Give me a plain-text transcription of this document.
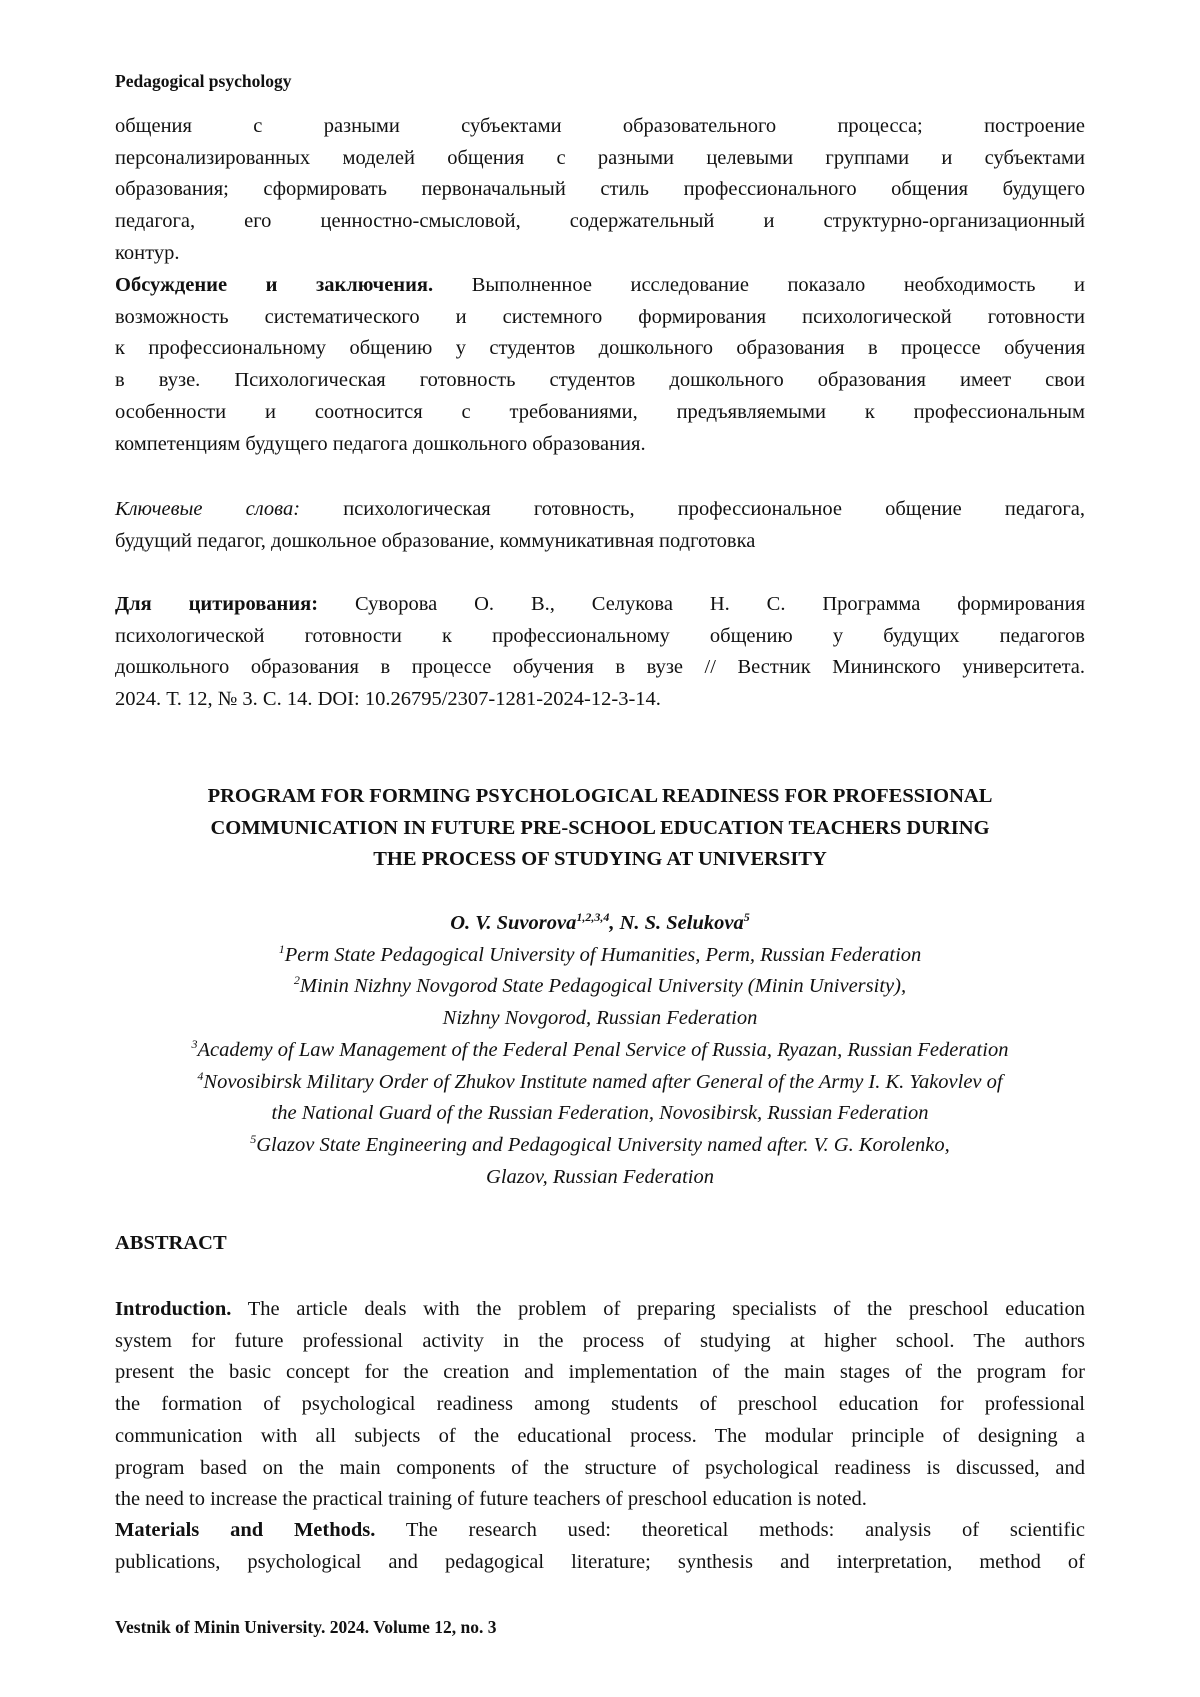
Pedagogical psychology
общения с разными субъектами образовательного процесса; построение
персонализированных моделей общения с разными целевыми группами и субъектами
образования; сформировать первоначальный стиль профессионального общения будущего
педагога, его ценностно-смысловой, содержательный и структурно-организационный
контур.
Обсуждение и заключения. Выполненное исследование показало необходимость и
возможность систематического и системного формирования психологической готовности
к профессиональному общению у студентов дошкольного образования в процессе обучения
в вузе. Психологическая готовность студентов дошкольного образования имеет свои
особенности и соотносится с требованиями, предъявляемыми к профессиональным
компетенциям будущего педагога дошкольного образования.
Ключевые слова: психологическая готовность, профессиональное общение педагога,
будущий педагог, дошкольное образование, коммуникативная подготовка
Для цитирования: Суворова О. В., Селукова Н. С. Программа формирования
психологической готовности к профессиональному общению у будущих педагогов
дошкольного образования в процессе обучения в вузе // Вестник Мининского университета.
2024. Т. 12, № 3. С. 14. DOI: 10.26795/2307-1281-2024-12-3-14.
PROGRAM FOR FORMING PSYCHOLOGICAL READINESS FOR PROFESSIONAL
COMMUNICATION IN FUTURE PRE-SCHOOL EDUCATION TEACHERS DURING
THE PROCESS OF STUDYING AT UNIVERSITY
O. V. Suvorova1,2,3,4, N. S. Selukova5
1Perm State Pedagogical University of Humanities, Perm, Russian Federation
2Minin Nizhny Novgorod State Pedagogical University (Minin University),
Nizhny Novgorod, Russian Federation
3Academy of Law Management of the Federal Penal Service of Russia, Ryazan, Russian Federation
4Novosibirsk Military Order of Zhukov Institute named after General of the Army I. K. Yakovlev of
the National Guard of the Russian Federation, Novosibirsk, Russian Federation
5Glazov State Engineering and Pedagogical University named after. V. G. Korolenko,
Glazov, Russian Federation
ABSTRACT
Introduction. The article deals with the problem of preparing specialists of the preschool education
system for future professional activity in the process of studying at higher school. The authors
present the basic concept for the creation and implementation of the main stages of the program for
the formation of psychological readiness among students of preschool education for professional
communication with all subjects of the educational process. The modular principle of designing a
program based on the main components of the structure of psychological readiness is discussed, and
the need to increase the practical training of future teachers of preschool education is noted.
Materials and Methods. The research used: theoretical methods: analysis of scientific
publications, psychological and pedagogical literature; synthesis and interpretation, method of
Vestnik of Minin University. 2024. Volume 12, no. 3
